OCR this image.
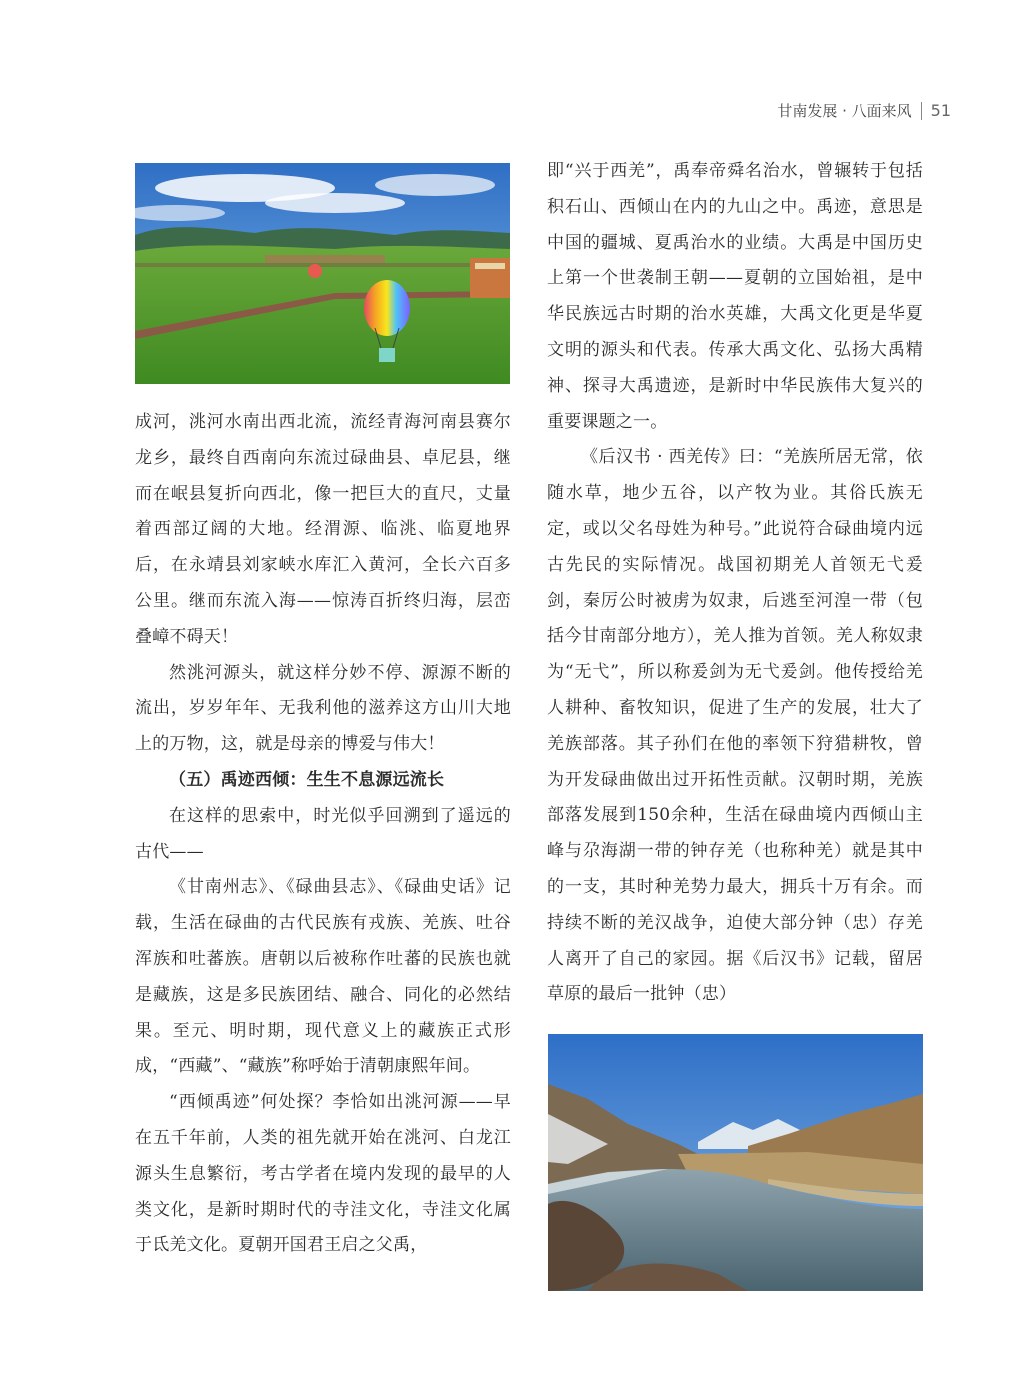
甘南发展 · 八面来风 51

成河，洮河水南出西北流，流经青海河南县赛尔龙乡，最终自西南向东流过碌曲县、卓尼县，继而在岷县复折向西北，像一把巨大的直尺，丈量着西部辽阔的大地。经渭源、临洮、临夏地界后，在永靖县刘家峡水库汇入黄河，全长六百多公里。继而东流入海——惊涛百折终归海，层峦叠嶂不碍天！

然洮河源头，就这样分妙不停、源源不断的流出，岁岁年年、无我利他的滋养这方山川大地上的万物，这，就是母亲的博爱与伟大！

（五）禹迹西倾：生生不息源远流长

在这样的思索中，时光似乎回溯到了遥远的古代——

《甘南州志》、《碌曲县志》、《碌曲史话》记载，生活在碌曲的古代民族有戎族、羌族、吐谷浑族和吐蕃族。唐朝以后被称作吐蕃的民族也就是藏族，这是多民族团结、融合、同化的必然结果。至元、明时期，现代意义上的藏族正式形成，“西藏”、“藏族”称呼始于清朝康熙年间。

“西倾禹迹”何处探？李恰如出洮河源——早在五千年前，人类的祖先就开始在洮河、白龙江源头生息繁衍，考古学者在境内发现的最早的人类文化，是新时期时代的寺洼文化，寺洼文化属于氐羌文化。夏朝开国君王启之父禹，

即“兴于西羌”，禹奉帝舜名治水，曾辗转于包括积石山、西倾山在内的九山之中。禹迹，意思是中国的疆城、夏禹治水的业绩。大禹是中国历史上第一个世袭制王朝——夏朝的立国始祖，是中华民族远古时期的治水英雄，大禹文化更是华夏文明的源头和代表。传承大禹文化、弘扬大禹精神、探寻大禹遗迹，是新时中华民族伟大复兴的重要课题之一。

《后汉书 · 西羌传》曰：“羌族所居无常，依随水草，地少五谷，以产牧为业。其俗氏族无定，或以父名母姓为种号。”此说符合碌曲境内远古先民的实际情况。战国初期羌人首领无弋爰剑，秦厉公时被虏为奴隶，后逃至河湟一带（包括今甘南部分地方），羌人推为首领。羌人称奴隶为“无弋”，所以称爰剑为无弋爰剑。他传授给羌人耕种、畜牧知识，促进了生产的发展，壮大了羌族部落。其子孙们在他的率领下狩猎耕牧，曾为开发碌曲做出过开拓性贡献。汉朝时期，羌族部落发展到150余种，生活在碌曲境内西倾山主峰与尕海湖一带的钟存羌（也称种羌）就是其中的一支，其时种羌势力最大，拥兵十万有余。而持续不断的羌汉战争，迫使大部分钟（忠）存羌人离开了自己的家园。据《后汉书》记载，留居草原的最后一批钟（忠）
